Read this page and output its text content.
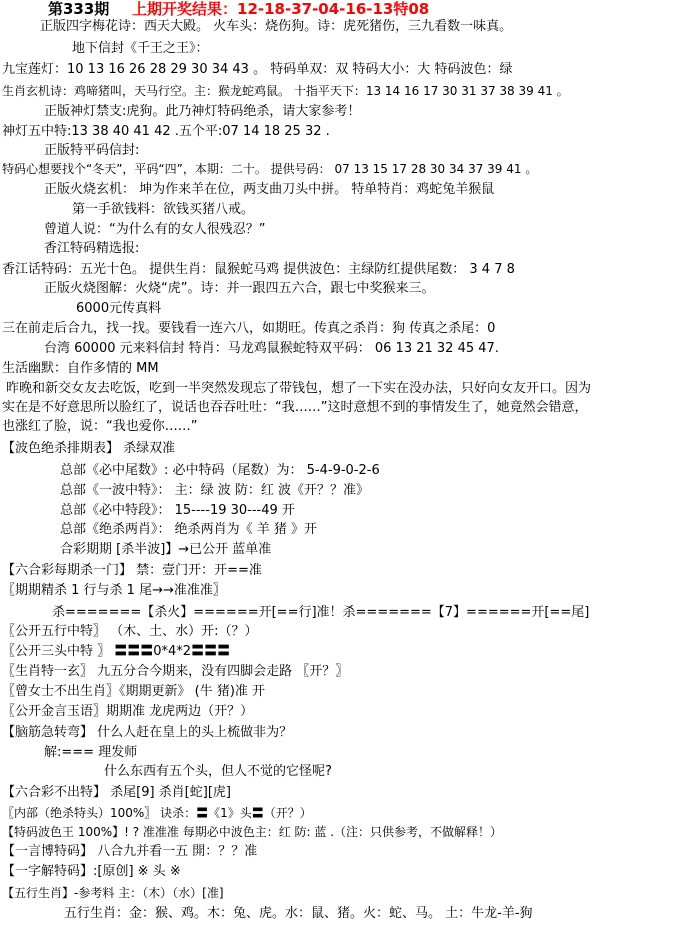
第333期 上期开奖结果：12-18-37-04-16-13特08
正版四字梅花诗：西天大殿。 火车头：烧伤狗。诗：虎死猪伤，三九看数一味真。
地下信封《千王之王》：
九宝莲灯：10 13 16 26 28 29 30 34 43 。 特码单双：双 特码大小：大 特码波色：绿
生肖玄机诗：鸡啼猪叫，天马行空。主：猴龙蛇鸡鼠。 十指平天下：13 14 16 17 30 31 37 38 39 41 。
正版神灯禁支:虎狗。此乃神灯特码绝杀，请大家参考！
神灯五中特:13 38 40 41 42 .五个平:07 14 18 25 32 .
正版特平码信封:
特码心想要找个“冬天”，平码“四”，本期：二十。 提供号码： 07 13 15 17 28 30 34 37 39 41 。
正版火烧玄机： 坤为作来羊在位，两支曲刀头中拼。 特单特肖：鸡蛇兔羊猴鼠
第一手欲钱料：欲钱买猪八戒。
曾道人说：“为什么有的女人很残忍？”
香江特码精选报:
香江话特码：五光十色。 提供生肖：鼠猴蛇马鸡 提供波色：主绿防红提供尾数： 3 4 7 8
正版火烧图解：火烧“虎”。诗：并一跟四五六合，跟七中奖猴来三。
6000元传真料
三在前走后合九，找一找。要钱看一连六八，如期旺。传真之杀肖：狗 传真之杀尾：0
台湾 60000 元来料信封 特肖：马龙鸡鼠猴蛇特双平码： 06 13 21 32 45 47.
生活幽默：自作多情的 MM
昨晚和新交女友去吃饭，吃到一半突然发现忘了带钱包，想了一下实在没办法，只好向女友开口。因为
实在是不好意思所以脸红了，说话也吞吞吐吐：“我……”这时意想不到的事情发生了，她竟然会错意，
也涨红了脸，说：“我也爱你……”
【波色绝杀排期表】 杀绿双准
总部《必中尾数》: 必中特码（尾数）为： 5-4-9-0-2-6
总部《一波中特》： 主：绿 波 防：红 波《开？？准》
总部《必中特段》： 15----19 30---49 开
总部《绝杀两肖》： 绝杀两肖为《 羊 猪 》开
合彩期期 [杀半波]】→已公开 蓝单准
【六合彩每期杀一门】 禁：壹门开：开==准
〖期期精杀 1 行与杀 1 尾→→准准准〗
杀=======【杀火】======开[==行]准！杀=======【7】======开[==尾]
〖公开五行中特〗 （木、土、水）开:（？）
〖公开三头中特 〗 〓〓〓0*4*2〓〓〓
〖生肖特一玄〗 九五分合今期来，没有四脚会走路 〖开？〗
〖曾女士不出生肖〗《期期更新》 (牛 猪)准 开
〖公开金言玉语〗期期准 龙虎两边（开？）
【脑筋急转弯】 什么人赶在皇上的头上梳做非为？
解:=== 理发师
什么东西有五个头，但人不觉的它怪呢?
【六合彩不出特】 杀尾[9] 杀肖[蛇][虎]
〖内部（绝杀特头）100%〗 诀杀：〓《1》头〓（开？）
【特码波色王 100%】! ? 准准准 每期必中波色主：红 防: 蓝 .（注：只供参考，不做解释！）
【一言博特码】 八合九并看一五 開：？？准
【一字解特码】:[原创] ※ 头 ※
【五行生肖】-参考料 主：（木）（水）[准]
五行生肖：金：猴、鸡。木：兔、虎。水：鼠、猪。火：蛇、马。 土：牛龙-羊-狗
